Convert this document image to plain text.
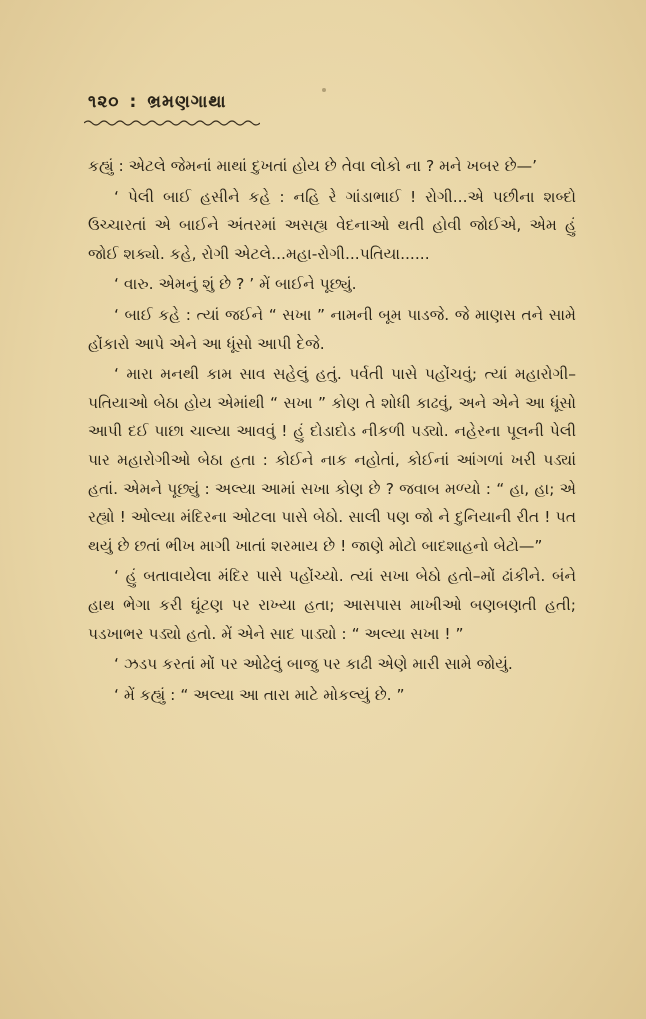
૧૨૦ : ભ્રમણગાથા

કહ્યું : એટલે જેમનાં માથાં દુખતાં હોય છે તેવા લોકો ના ? મને ખબર છે—’

‘ પેલી બાઈ હસીને કહે : નહિ રે ગાંડાભાઈ ! રોગી...એ પછીના શબ્દો ઉચ્ચારતાં એ બાઈને અંતરમાં અસહ્ય વેદનાઓ થતી હોવી જોઈએ, એમ હું જોઈ શક્યો. કહે, રોગી એટલે...મહા-રોગી...પતિયા......

‘ વારુ. એમનું શું છે ? ’ મેં બાઈને પૂછ્યું.

‘ બાઈ કહે : ત્યાં જઈને “ સખા ” નામની બૂમ પાડજે. જે માણસ તને સામે હોંકારો આપે એને આ ધૂંસો આપી દેજે.

‘ મારા મનથી કામ સાવ સહેલું હતું. પર્વતી પાસે પહોંચવું; ત્યાં મહારોગી–પતિયાઓ બેઠા હોય એમાંથી “ સખા ” કોણ તે શોધી કાઢવું, અને એને આ ધૂંસો આપી દઈ પાછા ચાલ્યા આવવું ! હું દોડાદોડ નીકળી પડ્યો. નહેરના પૂલની પેલી પાર મહારોગીઓ બેઠા હતા : કોઈને નાક નહોતાં, કોઈનાં આંગળાં ખરી પડ્યાં હતાં. એમને પૂછ્યું : અલ્યા આમાં સખા કોણ છે ? જવાબ મળ્યો : “ હા, હા; એ રહ્યો ! ઓલ્યા મંદિરના ઓટલા પાસે બેઠો. સાલી પણ જો ને દુનિયાની રીત ! પત થયું છે છતાં ભીખ માગી ખાતાં શરમાય છે ! જાણે મોટો બાદશાહનો બેટો—”

‘ હું બતાવાયેલા મંદિર પાસે પહોંચ્યો. ત્યાં સખા બેઠો હતો–મોં ઢાંકીને. બંને હાથ ભેગા કરી ઘૂંટણ પર રાખ્યા હતા; આસપાસ માખીઓ બણબણતી હતી; પડખાભર પડ્યો હતો. મેં એને સાદ પાડ્યો : “ અલ્યા સખા ! ”

‘ ઝડપ કરતાં મોં પર ઓઢેલું બાજુ પર કાઢી એણે મારી સામે જોયું.

‘ મેં કહ્યું : “ અલ્યા આ તારા માટે મોકલ્યું છે. ”
